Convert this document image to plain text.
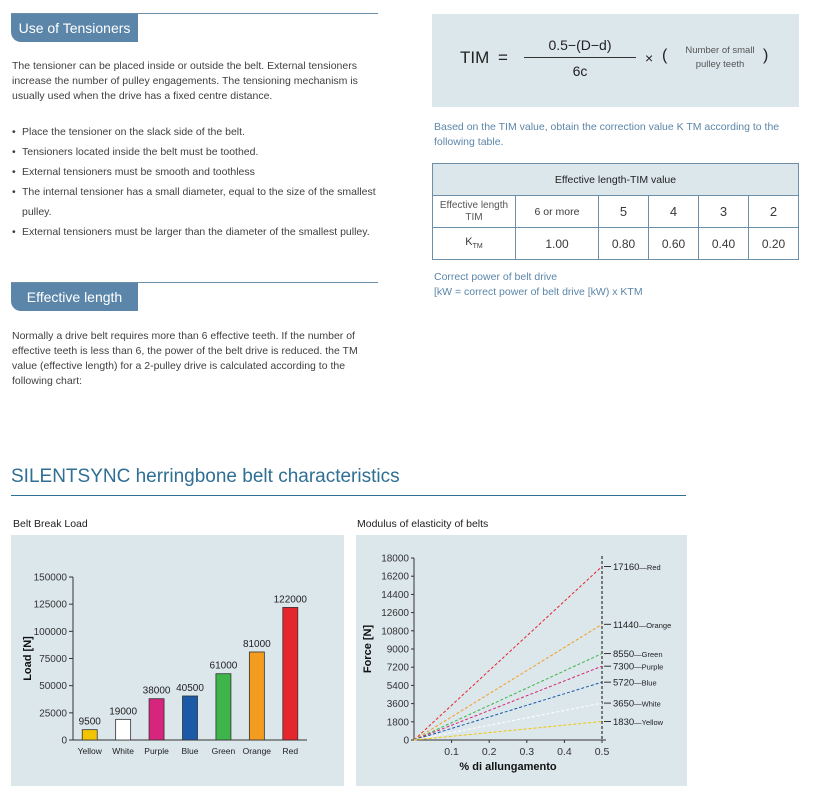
Use of Tensioners
The tensioner can be placed inside or outside the belt. External tensioners increase the number of pulley engagements. The tensioning mechanism is usually used when the drive has a fixed centre distance.
• Place the tensioner on the slack side of the belt.
• Tensioners located inside the belt must be toothed.
• External tensioners must be smooth and toothless
• The internal tensioner has a small diameter, equal to the size of the smallest pulley.
• External tensioners must be larger than the diameter of the smallest pulley.
Effective length
Normally a drive belt requires more than 6 effective teeth. If the number of effective teeth is less than 6, the power of the belt drive is reduced. the TM value (effective length) for a 2-pulley drive is calculated according to the following chart:
TIM =
0.5−(D−d)
6c
× (	Number of small
pulley teeth
)
Based on the TIM value, obtain the correction value K TM according to the following table.
Effective length-TIM value					

Effective length
TIM	6 or more	5	4	3	2
$K_{TM}$	1.00	0.80	0.60	0.40	0.20
Correct power of belt drive
[kW = correct power of belt drive [kW) x KTM
SILENTSYNC herringbone belt characteristics
Belt Break Load	Modulus of elasticity of belts
0
25000
50000
75000
100000
125000
150000
9500
Yellow
19000
White
38000
Purple
40500
Blue
61000
Green
81000
Orange
122000
Red
Load [N]
0
1800
3600
5400
7200
9000
10800
12600
14400
16200
18000
0.1 0.2 0.3 0.4 0.5
17160—Red
11440—Orange
8550—Green
7300—Purple
5720—Blue
3650—White
1830—Yellow
Force [N]
% di allungamento
